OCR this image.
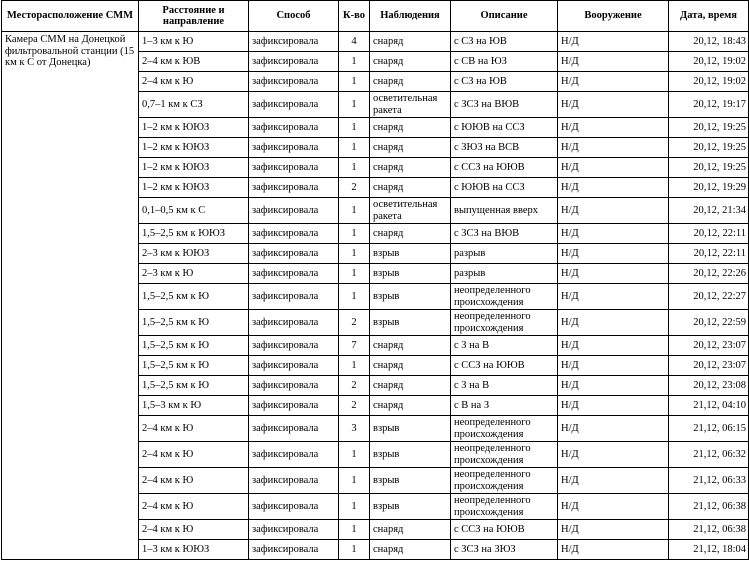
Месторасположение СММ	Расстояние и направление	Способ	К-во	Наблюдения	Описание	Вооружение	Дата, время
Камера СММ на Донецкой фильтровальной станции (15 км к С от Донецка)	1–3 км к Ю	зафиксировала	4	снаряд	с СЗ на ЮВ	Н/Д	20,12, 18:43
	2–4 км к ЮВ	зафиксировала	1	снаряд	с СВ на ЮЗ	Н/Д	20,12, 19:02
	2–4 км к Ю	зафиксировала	1	снаряд	с СЗ на ЮВ	Н/Д	20,12, 19:02
	0,7–1 км к СЗ	зафиксировала	1	осветительная ракета	с ЗСЗ на ВЮВ	Н/Д	20,12, 19:17
	1–2 км к ЮЮЗ	зафиксировала	1	снаряд	с ЮЮВ на ССЗ	Н/Д	20,12, 19:25
	1–2 км к ЮЮЗ	зафиксировала	1	снаряд	с ЗЮЗ на ВСВ	Н/Д	20,12, 19:25
	1–2 км к ЮЮЗ	зафиксировала	1	снаряд	с ССЗ на ЮЮВ	Н/Д	20,12, 19:25
	1–2 км к ЮЮЗ	зафиксировала	2	снаряд	с ЮЮВ на ССЗ	Н/Д	20,12, 19:29
	0,1–0,5 км к С	зафиксировала	1	осветительная ракета	выпущенная вверх	Н/Д	20,12, 21:34
	1,5–2,5 км к ЮЮЗ	зафиксировала	1	снаряд	с ЗСЗ на ВЮВ	Н/Д	20,12, 22:11
	2–3 км к ЮЮЗ	зафиксировала	1	взрыв	разрыв	Н/Д	20,12, 22:11
	2–3 км к Ю	зафиксировала	1	взрыв	разрыв	Н/Д	20,12, 22:26
	1,5–2,5 км к Ю	зафиксировала	1	взрыв	неопределенного происхождения	Н/Д	20,12, 22:27
	1,5–2,5 км к Ю	зафиксировала	2	взрыв	неопределенного происхождения	Н/Д	20,12, 22:59
	1,5–2,5 км к Ю	зафиксировала	7	снаряд	с З на В	Н/Д	20,12, 23:07
	1,5–2,5 км к Ю	зафиксировала	1	снаряд	с ССЗ на ЮЮВ	Н/Д	20,12, 23:07
	1,5–2,5 км к Ю	зафиксировала	2	снаряд	с З на В	Н/Д	20,12, 23:08
	1,5–3 км к Ю	зафиксировала	2	снаряд	с В на З	Н/Д	21,12, 04:10
	2–4 км к Ю	зафиксировала	3	взрыв	неопределенного происхождения	Н/Д	21,12, 06:15
	2–4 км к Ю	зафиксировала	1	взрыв	неопределенного происхождения	Н/Д	21,12, 06:32
	2–4 км к Ю	зафиксировала	1	взрыв	неопределенного происхождения	Н/Д	21,12, 06:33
	2–4 км к Ю	зафиксировала	1	взрыв	неопределенного происхождения	Н/Д	21,12, 06:38
	2–4 км к Ю	зафиксировала	1	снаряд	с ССЗ на ЮЮВ	Н/Д	21,12, 06:38
	1–3 км к ЮЮЗ	зафиксировала	1	снаряд	с ЗСЗ на ЗЮЗ	Н/Д	21,12, 18:04
